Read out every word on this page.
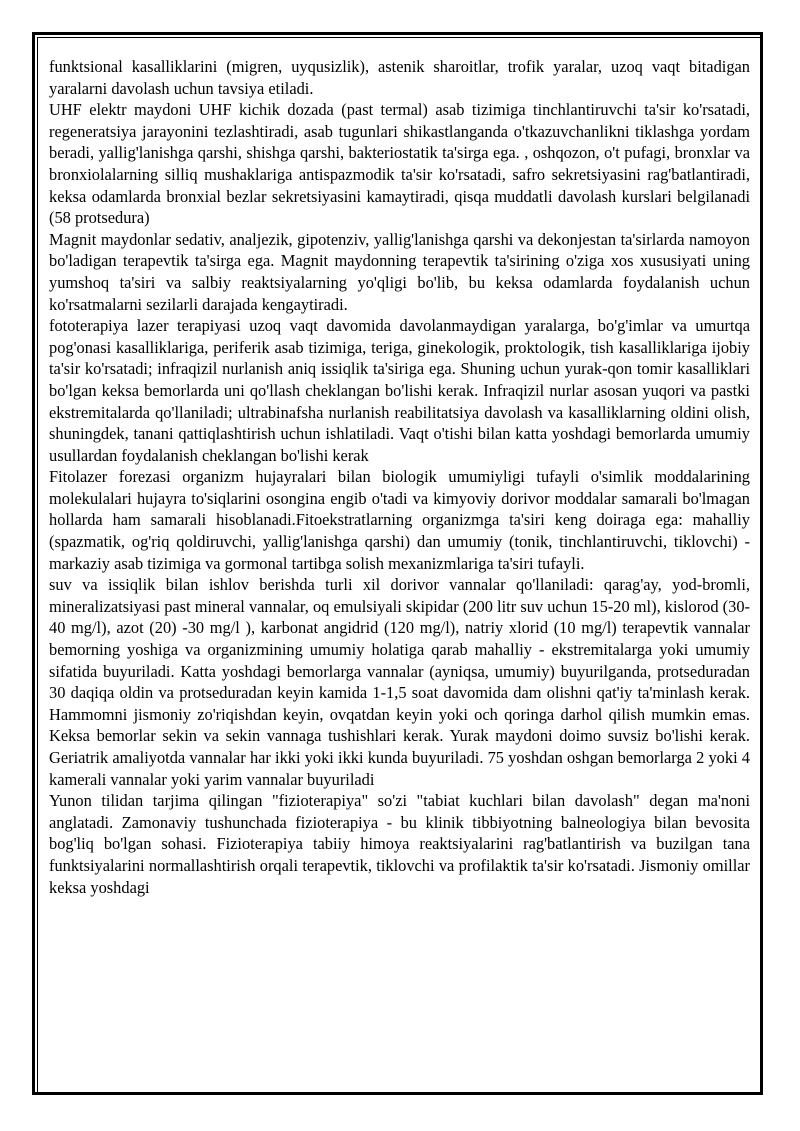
funktsional kasalliklarini (migren, uyqusizlik), astenik sharoitlar, trofik yaralar, uzoq vaqt bitadigan yaralarni davolash uchun tavsiya etiladi.

UHF elektr maydoni UHF kichik dozada (past termal) asab tizimiga tinchlantiruvchi ta'sir ko'rsatadi, regeneratsiya jarayonini tezlashtiradi, asab tugunlari shikastlanganda o'tkazuvchanlikni tiklashga yordam beradi, yallig'lanishga qarshi, shishga qarshi, bakteriostatik ta'sirga ega. , oshqozon, o't pufagi, bronxlar va bronxiolalarning silliq mushaklariga antispazmodik ta'sir ko'rsatadi, safro sekretsiyasini rag'batlantiradi, keksa odamlarda bronxial bezlar sekretsiyasini kamaytiradi, qisqa muddatli davolash kurslari belgilanadi (58 protsedura)

Magnit maydonlar sedativ, analjezik, gipotenziv, yallig'lanishga qarshi va dekonjestan ta'sirlarda namoyon bo'ladigan terapevtik ta'sirga ega. Magnit maydonning terapevtik ta'sirining o'ziga xos xususiyati uning yumshoq ta'siri va salbiy reaktsiyalarning yo'qligi bo'lib, bu keksa odamlarda foydalanish uchun ko'rsatmalarni sezilarli darajada kengaytiradi.

fototerapiya lazer terapiyasi uzoq vaqt davomida davolanmaydigan yaralarga, bo'g'imlar va umurtqa pog'onasi kasalliklariga, periferik asab tizimiga, teriga, ginekologik, proktologik, tish kasalliklariga ijobiy ta'sir ko'rsatadi; infraqizil nurlanish aniq issiqlik ta'siriga ega. Shuning uchun yurak-qon tomir kasalliklari bo'lgan keksa bemorlarda uni qo'llash cheklangan bo'lishi kerak. Infraqizil nurlar asosan yuqori va pastki ekstremitalarda qo'llaniladi; ultrabinafsha nurlanish reabilitatsiya davolash va kasalliklarning oldini olish, shuningdek, tanani qattiqlashtirish uchun ishlatiladi. Vaqt o'tishi bilan katta yoshdagi bemorlarda umumiy usullardan foydalanish cheklangan bo'lishi kerak

Fitolazer forezasi organizm hujayralari bilan biologik umumiyligi tufayli o'simlik moddalarining molekulalari hujayra to'siqlarini osongina engib o'tadi va kimyoviy dorivor moddalar samarali bo'lmagan hollarda ham samarali hisoblanadi.Fitoekstratlarning organizmga ta'siri keng doiraga ega: mahalliy (spazmatik, og'riq qoldiruvchi, yallig'lanishga qarshi) dan umumiy (tonik, tinchlantiruvchi, tiklovchi) - markaziy asab tizimiga va gormonal tartibga solish mexanizmlariga ta'siri tufayli.

suv va issiqlik bilan ishlov berishda turli xil dorivor vannalar qo'llaniladi: qarag'ay, yod-bromli, mineralizatsiyasi past mineral vannalar, oq emulsiyali skipidar (200 litr suv uchun 15-20 ml), kislorod (30-40 mg/l), azot (20) -30 mg/l ), karbonat angidrid (120 mg/l), natriy xlorid (10 mg/l) terapevtik vannalar bemorning yoshiga va organizmining umumiy holatiga qarab mahalliy - ekstremitalarga yoki umumiy sifatida buyuriladi. Katta yoshdagi bemorlarga vannalar (ayniqsa, umumiy) buyurilganda, protseduradan 30 daqiqa oldin va protseduradan keyin kamida 1-1,5 soat davomida dam olishni qat'iy ta'minlash kerak. Hammomni jismoniy zo'riqishdan keyin, ovqatdan keyin yoki och qoringa darhol qilish mumkin emas. Keksa bemorlar sekin va sekin vannaga tushishlari kerak. Yurak maydoni doimo suvsiz bo'lishi kerak. Geriatrik amaliyotda vannalar har ikki yoki ikki kunda buyuriladi. 75 yoshdan oshgan bemorlarga 2 yoki 4 kamerali vannalar yoki yarim vannalar buyuriladi

Yunon tilidan tarjima qilingan "fizioterapiya" so'zi "tabiat kuchlari bilan davolash" degan ma'noni anglatadi. Zamonaviy tushunchada fizioterapiya - bu klinik tibbiyotning balneologiya bilan bevosita bog'liq bo'lgan sohasi. Fizioterapiya tabiiy himoya reaktsiyalarini rag'batlantirish va buzilgan tana funktsiyalarini normallashtirish orqali terapevtik, tiklovchi va profilaktik ta'sir ko'rsatadi. Jismoniy omillar keksa yoshdagi
